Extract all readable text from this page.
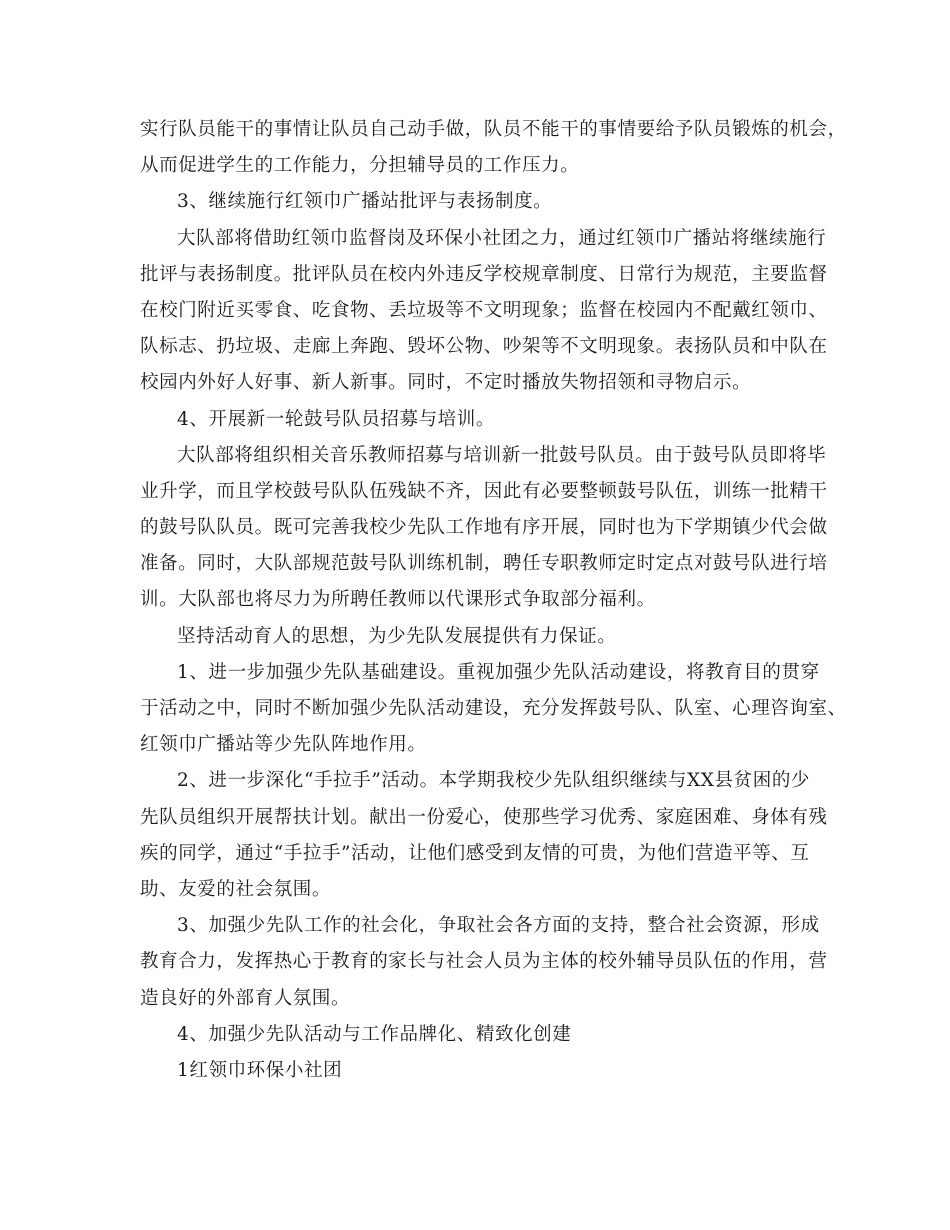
实行队员能干的事情让队员自己动手做，队员不能干的事情要给予队员锻炼的机会，
从而促进学生的工作能力，分担辅导员的工作压力。
3、继续施行红领巾广播站批评与表扬制度。
大队部将借助红领巾监督岗及环保小社团之力，通过红领巾广播站将继续施行
批评与表扬制度。批评队员在校内外违反学校规章制度、日常行为规范，主要监督
在校门附近买零食、吃食物、丢垃圾等不文明现象；监督在校园内不配戴红领巾、
队标志、扔垃圾、走廊上奔跑、毁坏公物、吵架等不文明现象。表扬队员和中队在
校园内外好人好事、新人新事。同时，不定时播放失物招领和寻物启示。
4、开展新一轮鼓号队员招募与培训。
大队部将组织相关音乐教师招募与培训新一批鼓号队员。由于鼓号队员即将毕
业升学，而且学校鼓号队队伍残缺不齐，因此有必要整顿鼓号队伍，训练一批精干
的鼓号队队员。既可完善我校少先队工作地有序开展，同时也为下学期镇少代会做
准备。同时，大队部规范鼓号队训练机制，聘任专职教师定时定点对鼓号队进行培
训。大队部也将尽力为所聘任教师以代课形式争取部分福利。
坚持活动育人的思想，为少先队发展提供有力保证。
1、进一步加强少先队基础建设。重视加强少先队活动建设，将教育目的贯穿
于活动之中，同时不断加强少先队活动建设，充分发挥鼓号队、队室、心理咨询室、
红领巾广播站等少先队阵地作用。
2、进一步深化“手拉手”活动。本学期我校少先队组织继续与XX县贫困的少
先队员组织开展帮扶计划。献出一份爱心，使那些学习优秀、家庭困难、身体有残
疾的同学，通过“手拉手”活动，让他们感受到友情的可贵，为他们营造平等、互
助、友爱的社会氛围。
3、加强少先队工作的社会化，争取社会各方面的支持，整合社会资源，形成
教育合力，发挥热心于教育的家长与社会人员为主体的校外辅导员队伍的作用，营
造良好的外部育人氛围。
4、加强少先队活动与工作品牌化、精致化创建
1红领巾环保小社团
